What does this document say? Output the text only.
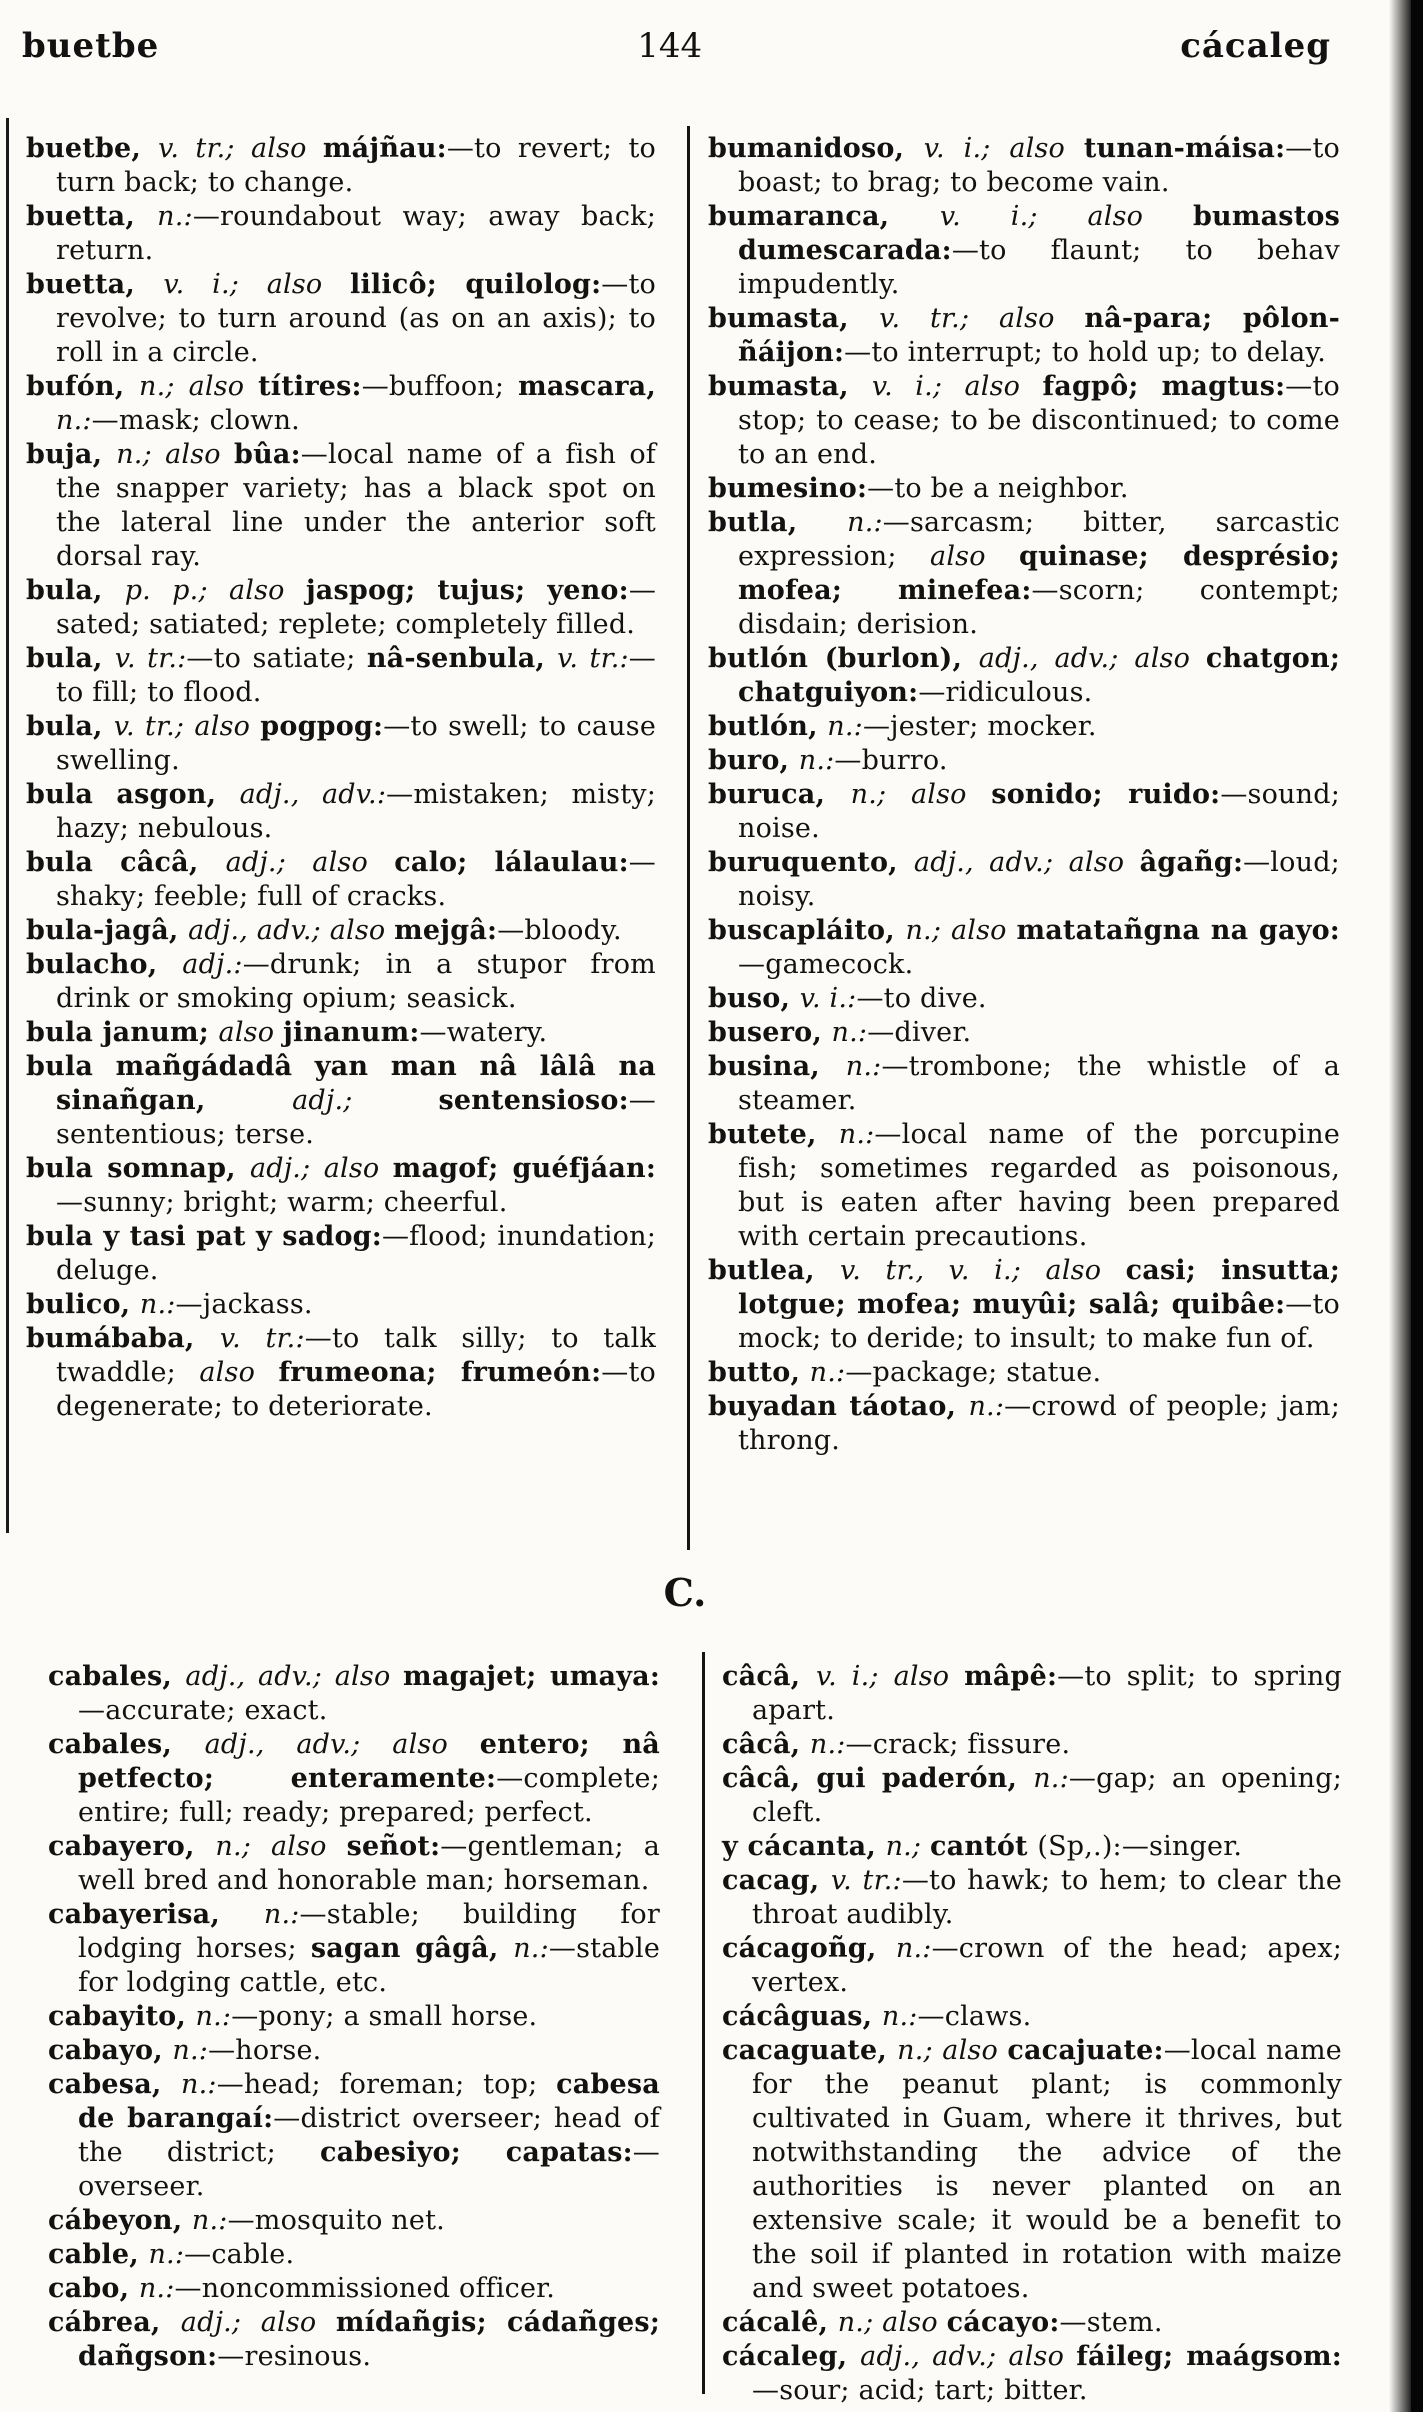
buetbe	144	cácaleg

buetbe, v. tr.; also májñau:—to revert; to turn back; to change.

buetta, n.:—roundabout way; away back; return.

buetta, v. i.; also lilicô; quilolog:—to revolve; to turn around (as on an axis); to roll in a circle.

bufón, n.; also títires:—buffoon; mascara, n.:—mask; clown.

buja, n.; also bûa:—local name of a fish of the snapper variety; has a black spot on the lateral line under the anterior soft dorsal ray.

bula, p. p.; also jaspog; tujus; yeno:—sated; satiated; replete; completely filled.

bula, v. tr.:—to satiate; nâ-senbula, v. tr.:—to fill; to flood.

bula, v. tr.; also pogpog:—to swell; to cause swelling.

bula asgon, adj., adv.:—mistaken; misty; hazy; nebulous.

bula câcâ, adj.; also calo; lálaulau:—shaky; feeble; full of cracks.

bula-jagâ, adj., adv.; also mejgâ:—bloody.

bulacho, adj.:—drunk; in a stupor from drink or smoking opium; seasick.

bula janum; also jinanum:—watery.

bula mañgádadâ yan man nâ lâlâ na sinañgan, adj.; sentensioso:—sententious; terse.

bula somnap, adj.; also magof; guéfjáan:—sunny; bright; warm; cheerful.

bula y tasi pat y sadog:—flood; inundation; deluge.

bulico, n.:—jackass.

bumábaba, v. tr.:—to talk silly; to talk twaddle; also frumeona; frumeón:—to degenerate; to deteriorate.

bumanidoso, v. i.; also tunan-máisa:—to boast; to brag; to become vain.

bumaranca, v. i.; also bumastos dumescarada:—to flaunt; to behav impudently.

bumasta, v. tr.; also nâ-para; pôlon-ñáijon:—to interrupt; to hold up; to delay.

bumasta, v. i.; also fagpô; magtus:—to stop; to cease; to be discontinued; to come to an end.

bumesino:—to be a neighbor.

butla, n.:—sarcasm; bitter, sarcastic expression; also quinase; desprésio; mofea; minefea:—scorn; contempt; disdain; derision.

butlón (burlon), adj., adv.; also chatgon; chatguiyon:—ridiculous.

butlón, n.:—jester; mocker.

buro, n.:—burro.

buruca, n.; also sonido; ruido:—sound; noise.

buruquento, adj., adv.; also âgañg:—loud; noisy.

buscapláito, n.; also matatañgna na gayo:—gamecock.

buso, v. i.:—to dive.

busero, n.:—diver.

busina, n.:—trombone; the whistle of a steamer.

butete, n.:—local name of the porcupine fish; sometimes regarded as poisonous, but is eaten after having been prepared with certain precautions.

butlea, v. tr., v. i.; also casi; insutta; lotgue; mofea; muyûi; salâ; quibâe:—to mock; to deride; to insult; to make fun of.

butto, n.:—package; statue.

buyadan táotao, n.:—crowd of people; jam; throng.

C.

cabales, adj., adv.; also magajet; umaya:—accurate; exact.

cabales, adj., adv.; also entero; nâ petfecto; enteramente:—complete; entire; full; ready; prepared; perfect.

cabayero, n.; also señot:—gentleman; a well bred and honorable man; horseman.

cabayerisa, n.:—stable; building for lodging horses; sagan gâgâ, n.:—stable for lodging cattle, etc.

cabayito, n.:—pony; a small horse.

cabayo, n.:—horse.

cabesa, n.:—head; foreman; top; cabesa de barangaí:—district overseer; head of the district; cabesiyo; capatas:—overseer.

cábeyon, n.:—mosquito net.

cable, n.:—cable.

cabo, n.:—noncommissioned officer.

cábrea, adj.; also mídañgis; cádañges; dañgson:—resinous.

câcâ, v. i.; also mâpê:—to split; to spring apart.

câcâ, n.:—crack; fissure.

câcâ, gui paderón, n.:—gap; an opening; cleft.

y cácanta, n.; cantót (Sp,.):—singer.

cacag, v. tr.:—to hawk; to hem; to clear the throat audibly.

cácagoñg, n.:—crown of the head; apex; vertex.

cácâguas, n.:—claws.

cacaguate, n.; also cacajuate:—local name for the peanut plant; is commonly cultivated in Guam, where it thrives, but notwithstanding the advice of the authorities is never planted on an extensive scale; it would be a benefit to the soil if planted in rotation with maize and sweet potatoes.

cácalê, n.; also cácayo:—stem.

cácaleg, adj., adv.; also fáileg; maágsom:—sour; acid; tart; bitter.
